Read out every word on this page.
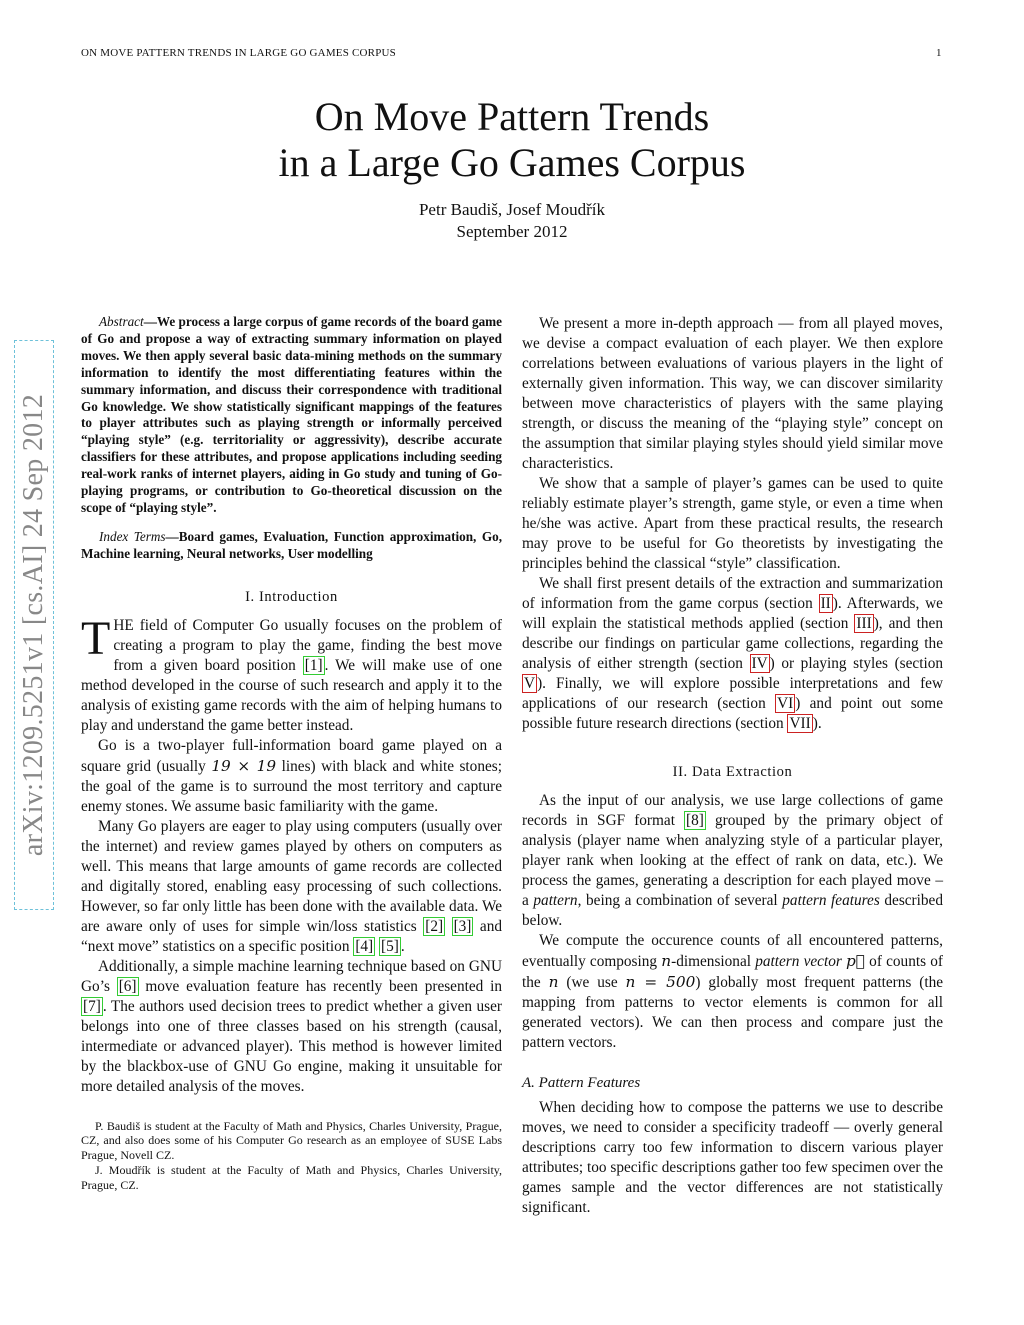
ON MOVE PATTERN TRENDS IN LARGE GO GAMES CORPUS	1
On Move Pattern Trends
in a Large Go Games Corpus
Petr Baudiš, Josef Moudřík
September 2012
arXiv:1209.5251v1 [cs.AI] 24 Sep 2012

Abstract—We process a large corpus of game records of the board game of Go and propose a way of extracting summary information on played moves. We then apply several basic data-mining methods on the summary information to identify the most differentiating features within the summary information, and discuss their correspondence with traditional Go knowledge. We show statistically significant mappings of the features to player attributes such as playing strength or informally perceived “playing style” (e.g. territoriality or aggressivity), describe accurate classifiers for these attributes, and propose applications including seeding real-work ranks of internet players, aiding in Go study and tuning of Go-playing programs, or contribution to Go-theoretical discussion on the scope of “playing style”.

Index Terms—Board games, Evaluation, Function approximation, Go, Machine learning, Neural networks, User modelling

I. Introduction

THE field of Computer Go usually focuses on the problem of creating a program to play the game, finding the best move from a given board position [1] . We will make use of one method developed in the course of such research and apply it to the analysis of existing game records with the aim of helping humans to play and understand the game better instead.

Go is a two-player full-information board game played on a square grid (usually 19 × 19 lines) with black and white stones; the goal of the game is to surround the most territory and capture enemy stones. We assume basic familiarity with the game.

Many Go players are eager to play using computers (usually over the internet) and review games played by others on computers as well. This means that large amounts of game records are collected and digitally stored, enabling easy processing of such collections. However, so far only little has been done with the available data. We are aware only of uses for simple win/loss statistics [2] [3] and “next move” statistics on a specific position [4] [5] .

Additionally, a simple machine learning technique based on GNU Go’s [6] move evaluation feature has recently been presented in [7] . The authors used decision trees to predict whether a given user belongs into one of three classes based on his strength (causal, intermediate or advanced player). This method is however limited by the blackbox-use of GNU Go engine, making it unsuitable for more detailed analysis of the moves.

P. Baudiš is student at the Faculty of Math and Physics, Charles University, Prague, CZ, and also does some of his Computer Go research as an employee of SUSE Labs Prague, Novell CZ.

J. Moudřík is student at the Faculty of Math and Physics, Charles University, Prague, CZ.

We present a more in-depth approach — from all played moves, we devise a compact evaluation of each player. We then explore correlations between evaluations of various players in the light of externally given information. This way, we can discover similarity between move characteristics of players with the same playing strength, or discuss the meaning of the “playing style” concept on the assumption that similar playing styles should yield similar move characteristics.

We show that a sample of player’s games can be used to quite reliably estimate player’s strength, game style, or even a time when he/she was active. Apart from these practical results, the research may prove to be useful for Go theoretists by investigating the principles behind the classical “style” classification.

We shall first present details of the extraction and summarization of information from the game corpus (section II ). Afterwards, we will explain the statistical methods applied (section III ), and then describe our findings on particular game collections, regarding the analysis of either strength (section IV ) or playing styles (section V ). Finally, we will explore possible interpretations and few applications of our research (section VI ) and point out some possible future research directions (section VII ).

II. Data Extraction

As the input of our analysis, we use large collections of game records in SGF format [8] grouped by the primary object of analysis (player name when analyzing style of a particular player, player rank when looking at the effect of rank on data, etc.). We process the games, generating a description for each played move – a pattern, being a combination of several pattern features described below.

We compute the occurence counts of all encountered patterns, eventually composing n-dimensional pattern vector p⃗ of counts of the n (we use n = 500) globally most frequent patterns (the mapping from patterns to vector elements is common for all generated vectors). We can then process and compare just the pattern vectors.

A. Pattern Features

When deciding how to compose the patterns we use to describe moves, we need to consider a specificity tradeoff — overly general descriptions carry too few information to discern various player attributes; too specific descriptions gather too few specimen over the games sample and the vector differences are not statistically significant.
